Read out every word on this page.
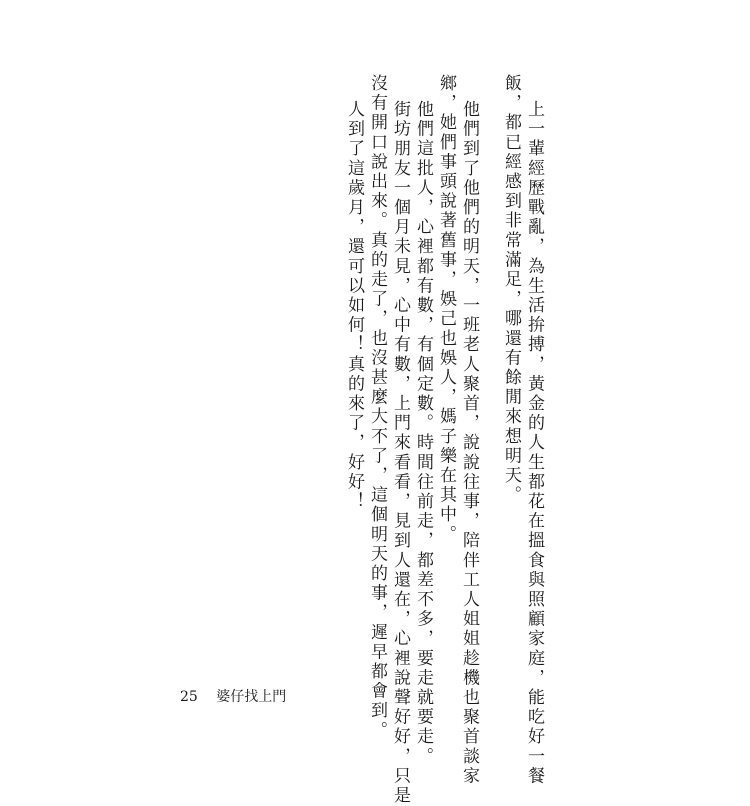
上一輩經歷戰亂，為生活拚搏，黃金的人生都花在搵食與照顧家庭，能吃好一餐
飯，都已經感到非常滿足，哪還有餘閒來想明天。
他們到了他們的明天，一班老人聚首，說說往事，陪伴工人姐姐趁機也聚首談家
鄉，她們事頭說著舊事，娛己也娛人，媽子樂在其中。
他們這批人，心裡都有數，有個定數。時間往前走，都差不多，要走就要走。
街坊朋友一個月未見，心中有數，上門來看看，見到人還在，心裡說聲好好，只是
沒有開口說出來。真的走了，也沒甚麼大不了，這個明天的事，遲早都會到。
人到了這歲月，還可以如何！真的來了，好好！
25 婆仔找上門
